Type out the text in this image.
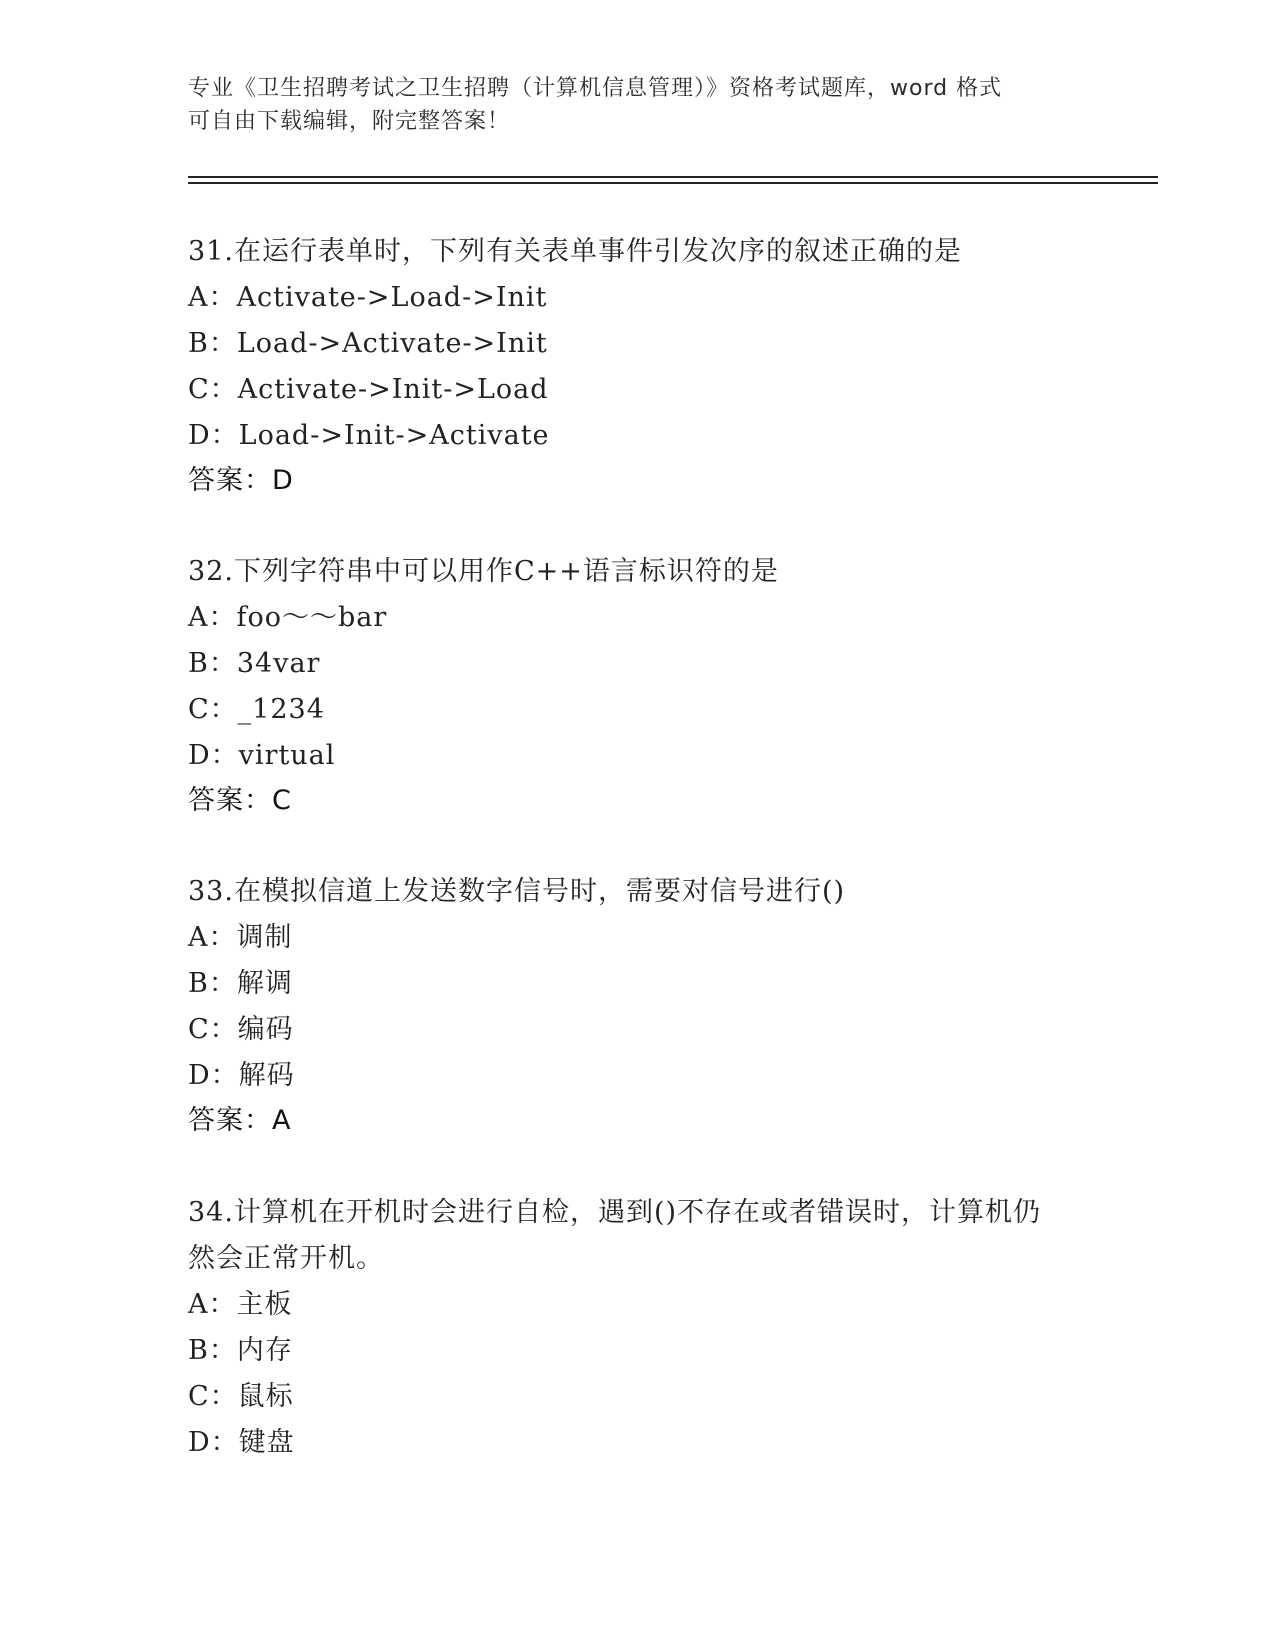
专业《卫生招聘考试之卫生招聘（计算机信息管理）》资格考试题库，word 格式
可自由下载编辑，附完整答案！
31.在运行表单时，下列有关表单事件引发次序的叙述正确的是
A：Activate->Load->Init
B：Load->Activate->Init
C：Activate->Init->Load
D：Load->Init->Activate
答案：D
32.下列字符串中可以用作C++语言标识符的是
A：foo～～bar
B：34var
C：_1234
D：virtual
答案：C
33.在模拟信道上发送数字信号时，需要对信号进行()
A：调制
B：解调
C：编码
D：解码
答案：A
34.计算机在开机时会进行自检，遇到()不存在或者错误时，计算机仍
然会正常开机。
A：主板
B：内存
C：鼠标
D：键盘
